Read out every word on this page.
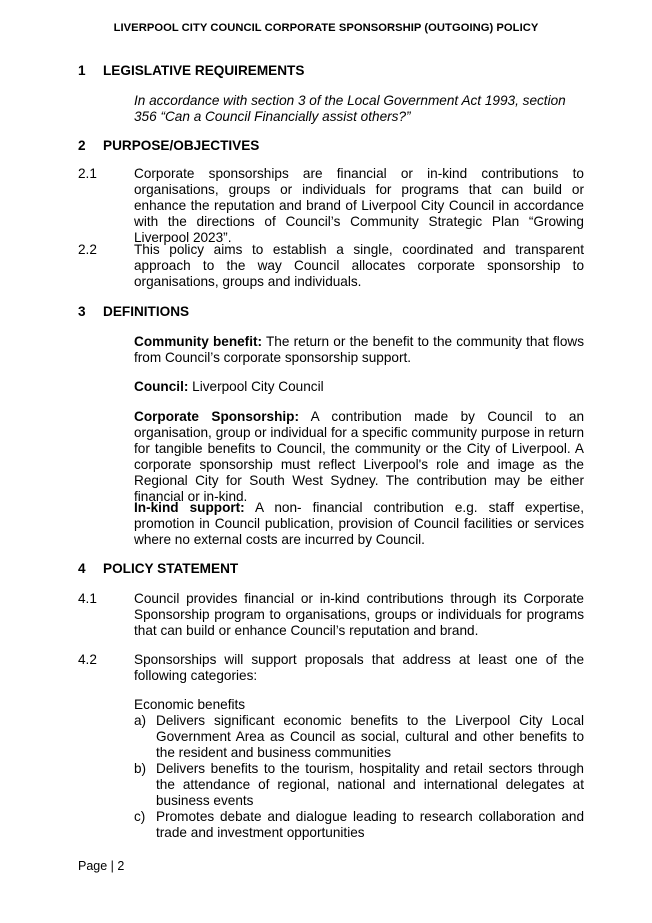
LIVERPOOL CITY COUNCIL CORPORATE SPONSORSHIP (OUTGOING) POLICY
1	LEGISLATIVE REQUIREMENTS
In accordance with section 3 of the Local Government Act 1993, section 356 “Can a Council Financially assist others?”
2	PURPOSE/OBJECTIVES
2.1	Corporate sponsorships are financial or in-kind contributions to organisations, groups or individuals for programs that can build or enhance the reputation and brand of Liverpool City Council in accordance with the directions of Council’s Community Strategic Plan “Growing Liverpool 2023”.
2.2	This policy aims to establish a single, coordinated and transparent approach to the way Council allocates corporate sponsorship to organisations, groups and individuals.
3	DEFINITIONS
Community benefit: The return or the benefit to the community that flows from Council’s corporate sponsorship support.
Council: Liverpool City Council
Corporate Sponsorship: A contribution made by Council to an organisation, group or individual for a specific community purpose in return for tangible benefits to Council, the community or the City of Liverpool. A corporate sponsorship must reflect Liverpool's role and image as the Regional City for South West Sydney. The contribution may be either financial or in-kind.
In-kind support: A non- financial contribution e.g. staff expertise, promotion in Council publication, provision of Council facilities or services where no external costs are incurred by Council.
4	POLICY STATEMENT
4.1	Council provides financial or in-kind contributions through its Corporate Sponsorship program to organisations, groups or individuals for programs that can build or enhance Council’s reputation and brand.
4.2	Sponsorships will support proposals that address at least one of the following categories:
Economic benefits
a) Delivers significant economic benefits to the Liverpool City Local Government Area as Council as social, cultural and other benefits to the resident and business communities
b) Delivers benefits to the tourism, hospitality and retail sectors through the attendance of regional, national and international delegates at business events
c) Promotes debate and dialogue leading to research collaboration and trade and investment opportunities
Page | 2
